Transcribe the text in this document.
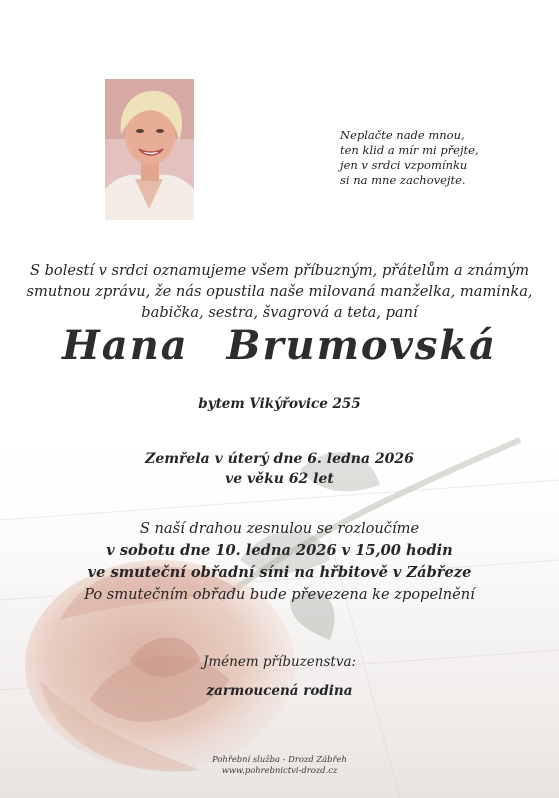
Neplačte nade mnou,
ten klid a mír mi přejte,
jen v srdci vzpomínku
si na mne zachovejte.
S bolestí v srdci oznamujeme všem příbuzným, přátelům a známým
smutnou zprávu, že nás opustila naše milovaná manželka, maminka,
babička, sestra, švagrová a teta, paní
Hana Brumovská
bytem Vikýřovice 255
Zemřela v úterý dne 6. ledna 2026
ve věku 62 let
S naší drahou zesnulou se rozloučíme
v sobotu dne 10. ledna 2026 v 15,00 hodin
ve smuteční obřadní síni na hřbitově v Zábřeze
Po smutečním obřadu bude převezena ke zpopelnění
Jménem příbuzenstva:
zarmoucená rodina
Pohřební služba - Drozd Zábřeh
www.pohrebnictvi-drozd.cz
